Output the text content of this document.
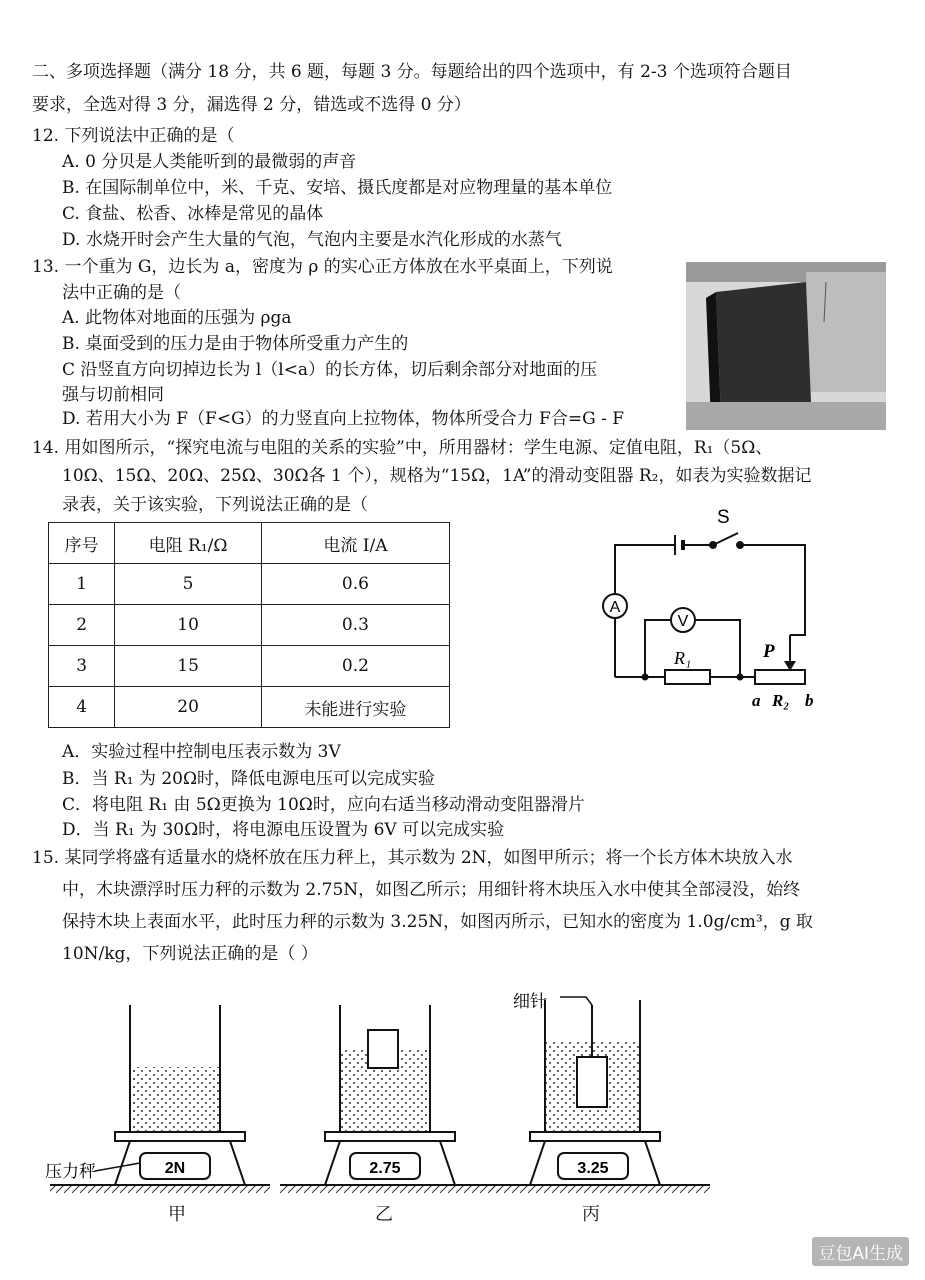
二、多项选择题（满分 18 分，共 6 题，每题 3 分。每题给出的四个选项中，有 2-3 个选项符合题目
要求，全选对得 3 分，漏选得 2 分，错选或不选得 0 分）
12. 下列说法中正确的是（
A. 0 分贝是人类能听到的最微弱的声音
B. 在国际制单位中，米、千克、安培、摄氏度都是对应物理量的基本单位
C. 食盐、松香、冰棒是常见的晶体
D. 水烧开时会产生大量的气泡，气泡内主要是水汽化形成的水蒸气
13. 一个重为 G，边长为 a，密度为 ρ 的实心正方体放在水平桌面上，下列说
法中正确的是（
A. 此物体对地面的压强为 ρga
B. 桌面受到的压力是由于物体所受重力产生的
C 沿竖直方向切掉边长为 l（l<a）的长方体，切后剩余部分对地面的压
强与切前相同
D. 若用大小为 F（F<G）的力竖直向上拉物体，物体所受合力 F合=G - F
14. 用如图所示，“探究电流与电阻的关系的实验”中，所用器材：学生电源、定值电阻，R₁（5Ω、
10Ω、15Ω、20Ω、25Ω、30Ω各 1 个），规格为“15Ω，1A”的滑动变阻器 R₂，如表为实验数据记
录表，关于该实验，下列说法正确的是（
序号	电阻 R₁/Ω	电流 I/A
1	5	0.6
2	10	0.3
3	15	0.2
4	20	未能进行实验
A
V
S
R₁	P
a R₂ b
A．实验过程中控制电压表示数为 3V
B．当 R₁ 为 20Ω时，降低电源电压可以完成实验
C．将电阻 R₁ 由 5Ω更换为 10Ω时，应向右适当移动滑动变阻器滑片
D．当 R₁ 为 30Ω时，将电源电压设置为 6V 可以完成实验
15. 某同学将盛有适量水的烧杯放在压力秤上，其示数为 2N，如图甲所示；将一个长方体木块放入水
中，木块漂浮时压力秤的示数为 2.75N，如图乙所示；用细针将木块压入水中使其全部浸没，始终
保持木块上表面水平，此时压力秤的示数为 3.25N，如图丙所示，已知水的密度为 1.0g/cm³，g 取
10N/kg，下列说法正确的是（ ）
细针
压力秤	2N	2.75	3.25
甲	乙	丙
豆包AI生成
